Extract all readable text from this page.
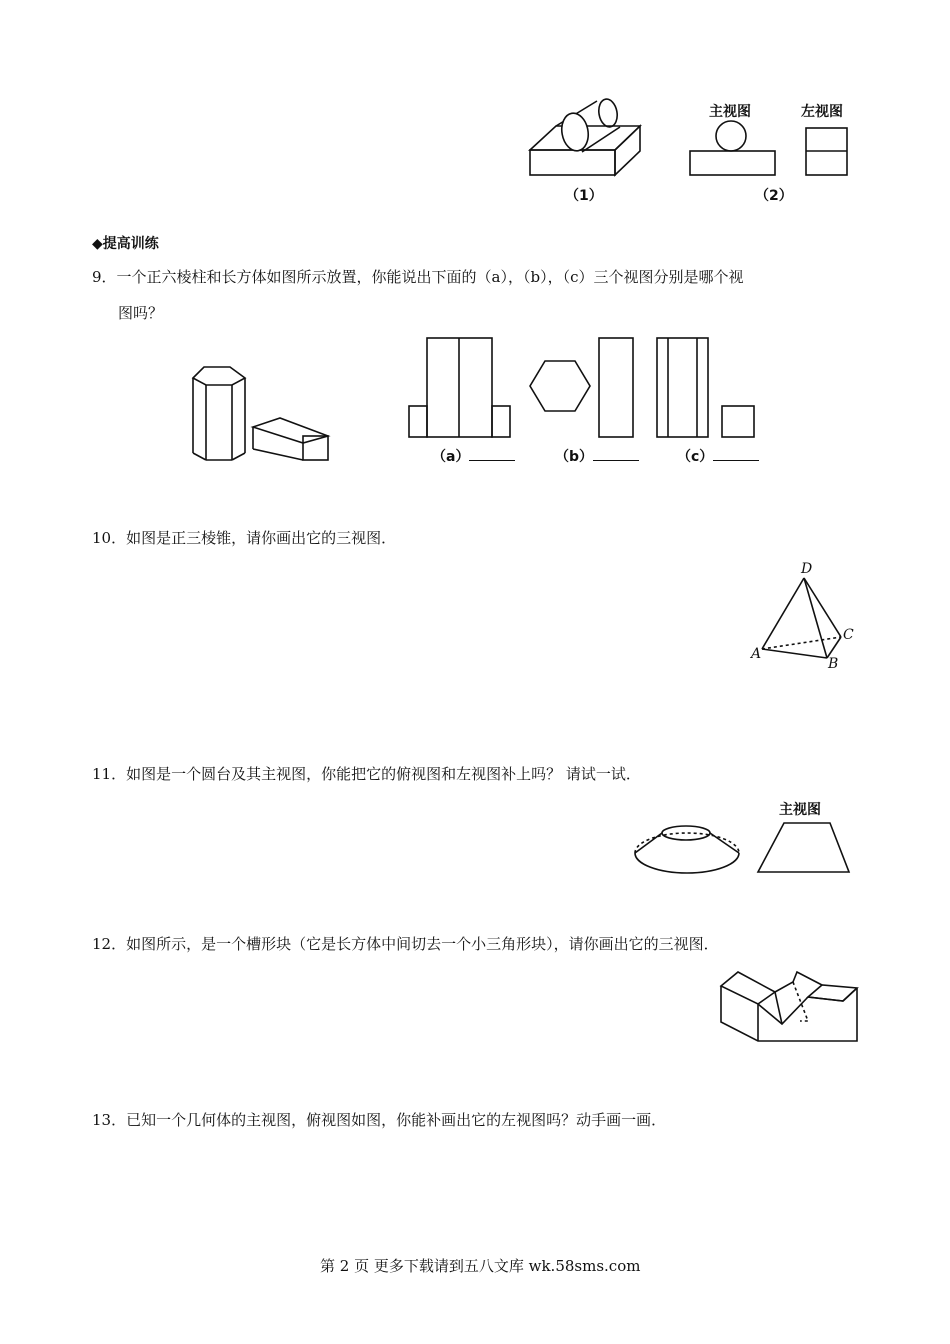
（1）	（2）
主视图	左视图
◆提高训练
9．一个正六棱柱和长方体如图所示放置，你能说出下面的（a），（b），（c）三个视图分别是哪个视
图吗？
（a）	（b）	（c）
10．如图是正三棱锥，请你画出它的三视图．
D
A
B
C
11．如图是一个圆台及其主视图，你能把它的俯视图和左视图补上吗？ 请试一试．
主视图
12．如图所示，是一个槽形块（它是长方体中间切去一个小三角形块），请你画出它的三视图．
13．已知一个几何体的主视图，俯视图如图，你能补画出它的左视图吗？动手画一画．
第 2 页 更多下载请到五八文库 wk.58sms.com
